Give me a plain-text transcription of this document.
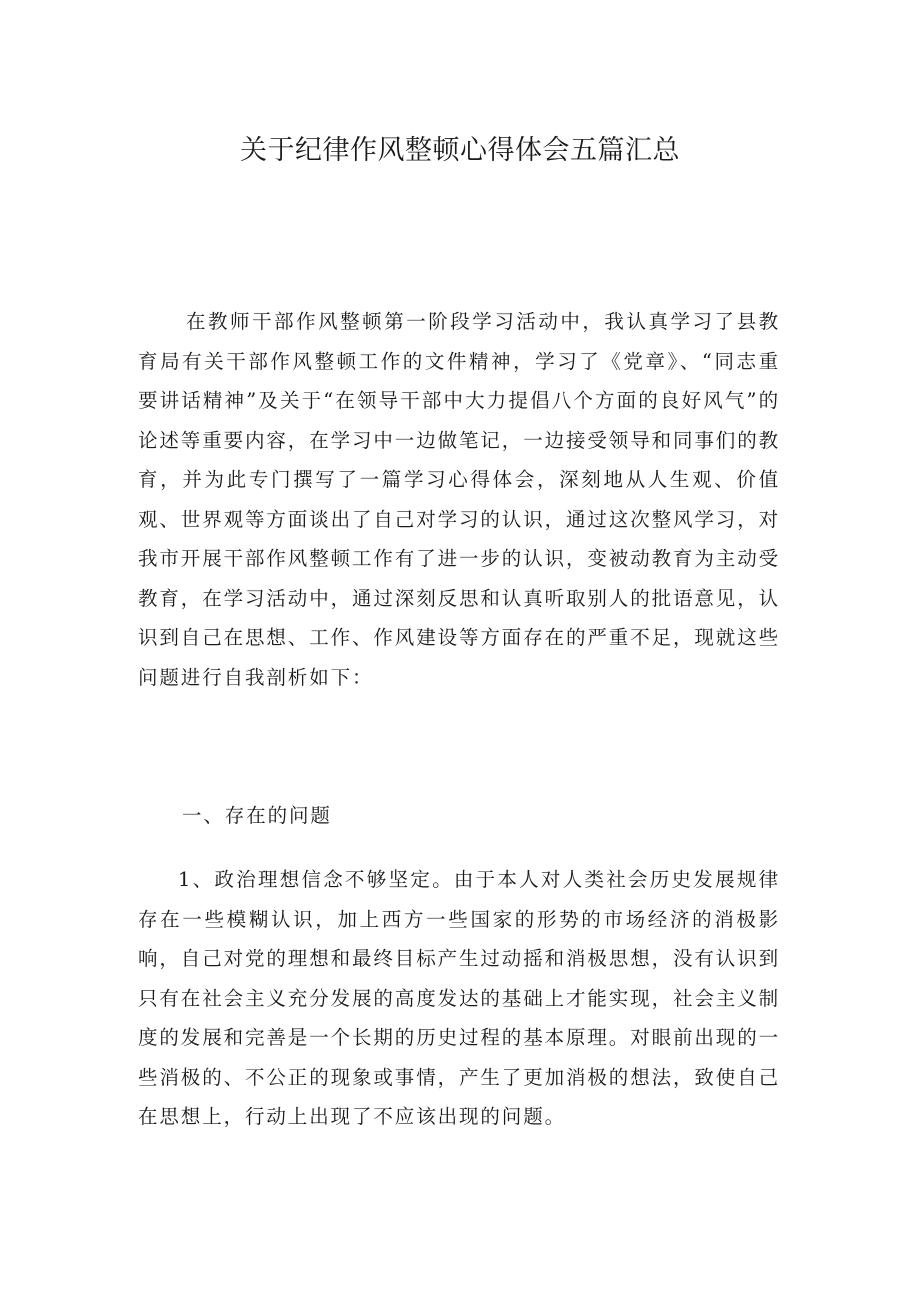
关于纪律作风整顿心得体会五篇汇总

在教师干部作风整顿第一阶段学习活动中，我认真学习了县教育局有关干部作风整顿工作的文件精神，学习了《党章》、“同志重要讲话精神”及关于“在领导干部中大力提倡八个方面的良好风气”的论述等重要内容，在学习中一边做笔记，一边接受领导和同事们的教育，并为此专门撰写了一篇学习心得体会，深刻地从人生观、价值观、世界观等方面谈出了自己对学习的认识，通过这次整风学习，对我市开展干部作风整顿工作有了进一步的认识，变被动教育为主动受教育，在学习活动中，通过深刻反思和认真听取别人的批语意见，认识到自己在思想、工作、作风建设等方面存在的严重不足，现就这些问题进行自我剖析如下：

一、存在的问题

1、政治理想信念不够坚定。由于本人对人类社会历史发展规律存在一些模糊认识，加上西方一些国家的形势的市场经济的消极影响，自己对党的理想和最终目标产生过动摇和消极思想，没有认识到只有在社会主义充分发展的高度发达的基础上才能实现，社会主义制度的发展和完善是一个长期的历史过程的基本原理。对眼前出现的一些消极的、不公正的现象或事情，产生了更加消极的想法，致使自己在思想上，行动上出现了不应该出现的问题。
